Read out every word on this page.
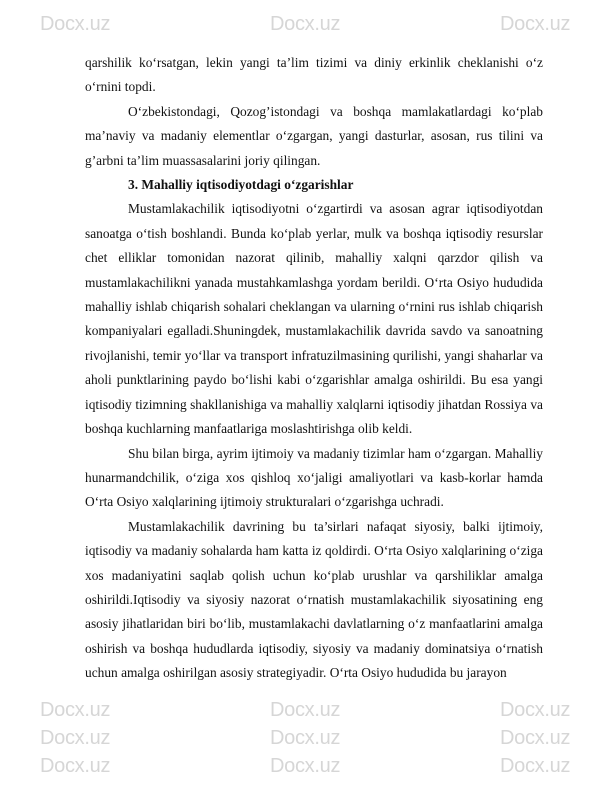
Docx.uz	Docx.uz	Docx.uz
Docx.uz	Docx.uz	Docx.uz
Docx.uz	Docx.uz	Docx.uz
Docx.uz	Docx.uz	Docx.uz

qarshilik ko‘rsatgan, lekin yangi ta’lim tizimi va diniy erkinlik cheklanishi o‘z o‘rnini topdi.

O‘zbekistondagi, Qozog’istondagi va boshqa mamlakatlardagi ko‘plab ma’naviy va madaniy elementlar o‘zgargan, yangi dasturlar, asosan, rus tilini va g’arbni ta’lim muassasalarini joriy qilingan.

3. Mahalliy iqtisodiyotdagi o‘zgarishlar

Mustamlakachilik iqtisodiyotni o‘zgartirdi va asosan agrar iqtisodiyotdan sanoatga o‘tish boshlandi. Bunda ko‘plab yerlar, mulk va boshqa iqtisodiy resurslar chet elliklar tomonidan nazorat qilinib, mahalliy xalqni qarzdor qilish va mustamlakachilikni yanada mustahkamlashga yordam berildi. O‘rta Osiyo hududida mahalliy ishlab chiqarish sohalari cheklangan va ularning o‘rnini rus ishlab chiqarish kompaniyalari egalladi.Shuningdek, mustamlakachilik davrida savdo va sanoatning rivojlanishi, temir yo‘llar va transport infratuzilmasining qurilishi, yangi shaharlar va aholi punktlarining paydo bo‘lishi kabi o‘zgarishlar amalga oshirildi. Bu esa yangi iqtisodiy tizimning shakllanishiga va mahalliy xalqlarni iqtisodiy jihatdan Rossiya va boshqa kuchlarning manfaatlariga moslashtirishga olib keldi.

Shu bilan birga, ayrim ijtimoiy va madaniy tizimlar ham o‘zgargan. Mahalliy hunarmandchilik, o‘ziga xos qishloq xo‘jaligi amaliyotlari va kasb-korlar hamda O‘rta Osiyo xalqlarining ijtimoiy strukturalari o‘zgarishga uchradi.

Mustamlakachilik davrining bu ta’sirlari nafaqat siyosiy, balki ijtimoiy, iqtisodiy va madaniy sohalarda ham katta iz qoldirdi. O‘rta Osiyo xalqlarining o‘ziga xos madaniyatini saqlab qolish uchun ko‘plab urushlar va qarshiliklar amalga oshirildi.Iqtisodiy va siyosiy nazorat o‘rnatish mustamlakachilik siyosatining eng asosiy jihatlaridan biri bo‘lib, mustamlakachi davlatlarning o‘z manfaatlarini amalga oshirish va boshqa hududlarda iqtisodiy, siyosiy va madaniy dominatsiya o‘rnatish uchun amalga oshirilgan asosiy strategiyadir. O‘rta Osiyo hududida bu jarayon
